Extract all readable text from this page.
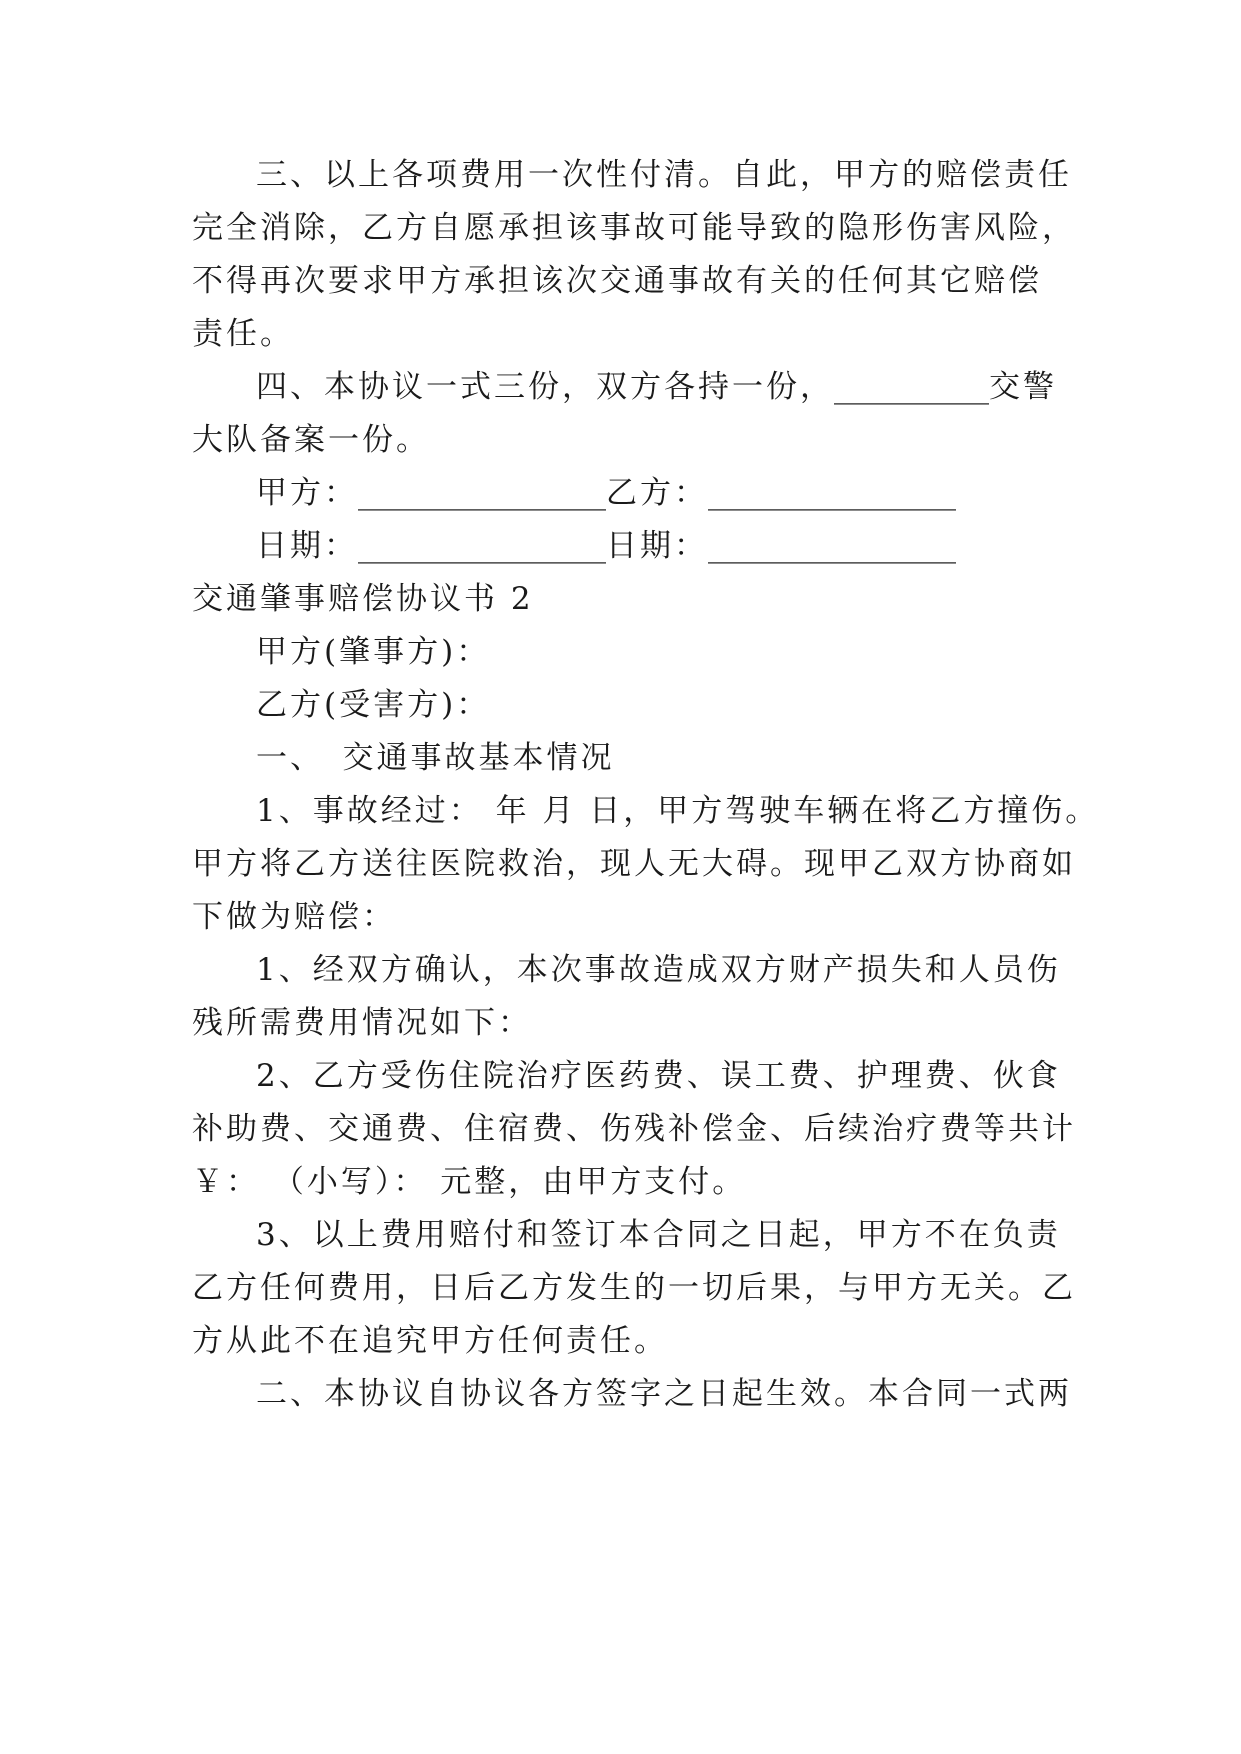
三、以上各项费用一次性付清。自此，甲方的赔偿责任
完全消除，乙方自愿承担该事故可能导致的隐形伤害风险，
不得再次要求甲方承担该次交通事故有关的任何其它赔偿
责任。
四、本协议一式三份，双方各持一份，__________交警
大队备案一份。
甲方：________________乙方：________________
日期：________________日期：________________
交通肇事赔偿协议书 2
甲方(肇事方)：
乙方(受害方)：
一、　交通事故基本情况
1、事故经过： 年 月 日，甲方驾驶车辆在将乙方撞伤。
甲方将乙方送往医院救治，现人无大碍。现甲乙双方协商如
下做为赔偿：
1、经双方确认，本次事故造成双方财产损失和人员伤
残所需费用情况如下：
2、乙方受伤住院治疗医药费、误工费、护理费、伙食
补助费、交通费、住宿费、伤残补偿金、后续治疗费等共计
￥： （小写）： 元整，由甲方支付。
3、以上费用赔付和签订本合同之日起，甲方不在负责
乙方任何费用，日后乙方发生的一切后果，与甲方无关。乙
方从此不在追究甲方任何责任。
二、本协议自协议各方签字之日起生效。本合同一式两
